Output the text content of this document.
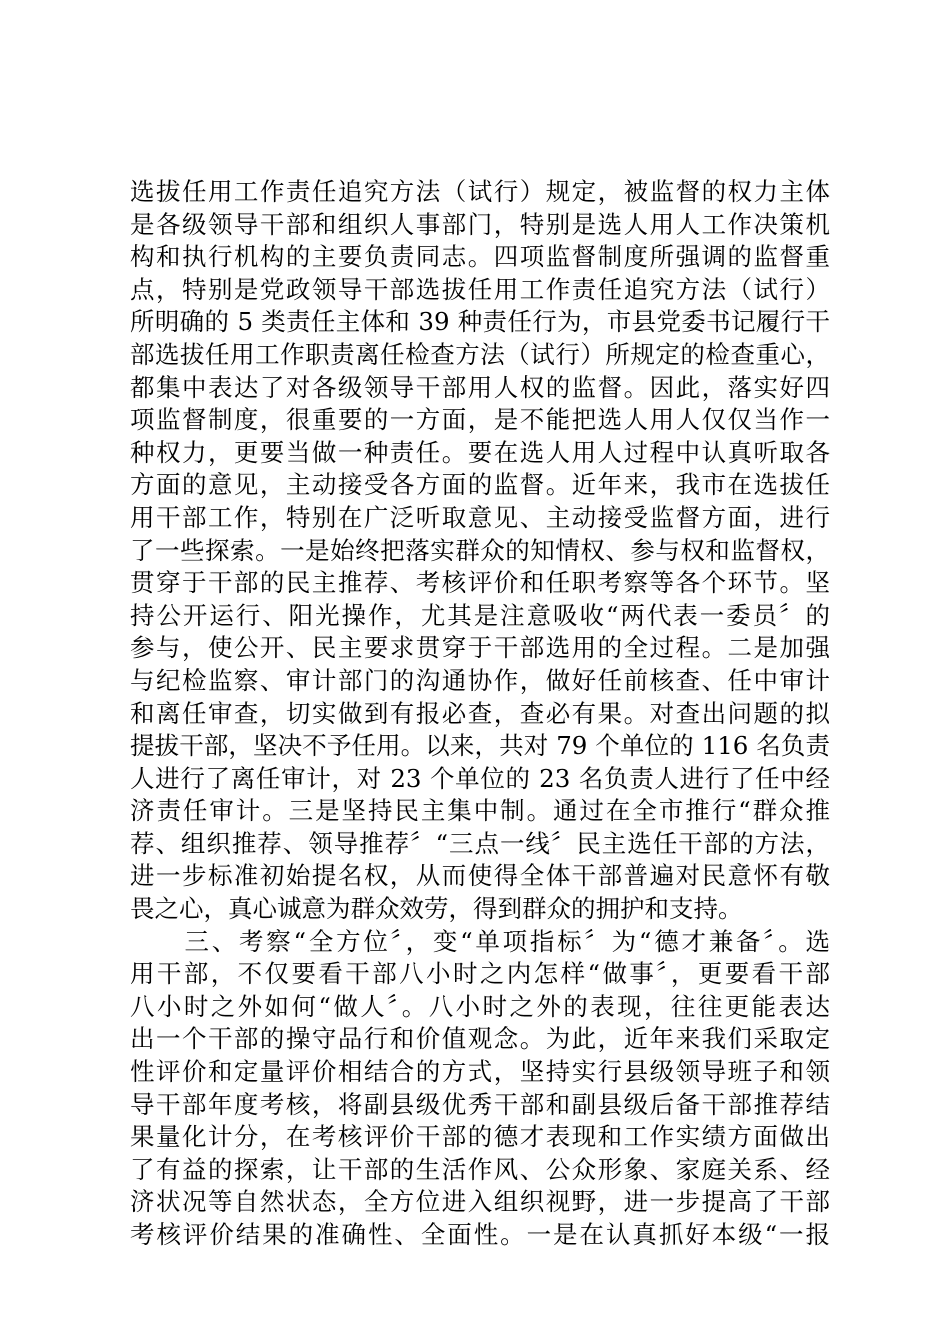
选拔任用工作责任追究方法（试行）规定，被监督的权力主体
是各级领导干部和组织人事部门，特别是选人用人工作决策机
构和执行机构的主要负责同志。四项监督制度所强调的监督重
点，特别是党政领导干部选拔任用工作责任追究方法（试行）
所明确的 5 类责任主体和 39 种责任行为，市县党委书记履行干
部选拔任用工作职责离任检查方法（试行）所规定的检查重心，
都集中表达了对各级领导干部用人权的监督。因此，落实好四
项监督制度，很重要的一方面，是不能把选人用人仅仅当作一
种权力，更要当做一种责任。要在选人用人过程中认真听取各
方面的意见，主动接受各方面的监督。近年来，我市在选拔任
用干部工作，特别在广泛听取意见、主动接受监督方面，进行
了一些探索。一是始终把落实群众的知情权、参与权和监督权，
贯穿于干部的民主推荐、考核评价和任职考察等各个环节。坚
持公开运行、阳光操作，尤其是注意吸收“两代表一委员〞的
参与，使公开、民主要求贯穿于干部选用的全过程。二是加强
与纪检监察、审计部门的沟通协作，做好任前核查、任中审计
和离任审查，切实做到有报必查，查必有果。对查出问题的拟
提拔干部，坚决不予任用。以来，共对 79 个单位的 116 名负责
人进行了离任审计，对 23 个单位的 23 名负责人进行了任中经
济责任审计。三是坚持民主集中制。通过在全市推行“群众推
荐、组织推荐、领导推荐〞“三点一线〞民主选任干部的方法，
进一步标准初始提名权，从而使得全体干部普遍对民意怀有敬
畏之心，真心诚意为群众效劳，得到群众的拥护和支持。
　　三、考察“全方位〞，变“单项指标〞为“德才兼备〞。选
用干部，不仅要看干部八小时之内怎样“做事〞，更要看干部
八小时之外如何“做人〞。八小时之外的表现，往往更能表达
出一个干部的操守品行和价值观念。为此，近年来我们采取定
性评价和定量评价相结合的方式，坚持实行县级领导班子和领
导干部年度考核，将副县级优秀干部和副县级后备干部推荐结
果量化计分，在考核评价干部的德才表现和工作实绩方面做出
了有益的探索，让干部的生活作风、公众形象、家庭关系、经
济状况等自然状态，全方位进入组织视野，进一步提高了干部
考核评价结果的准确性、全面性。一是在认真抓好本级“一报
